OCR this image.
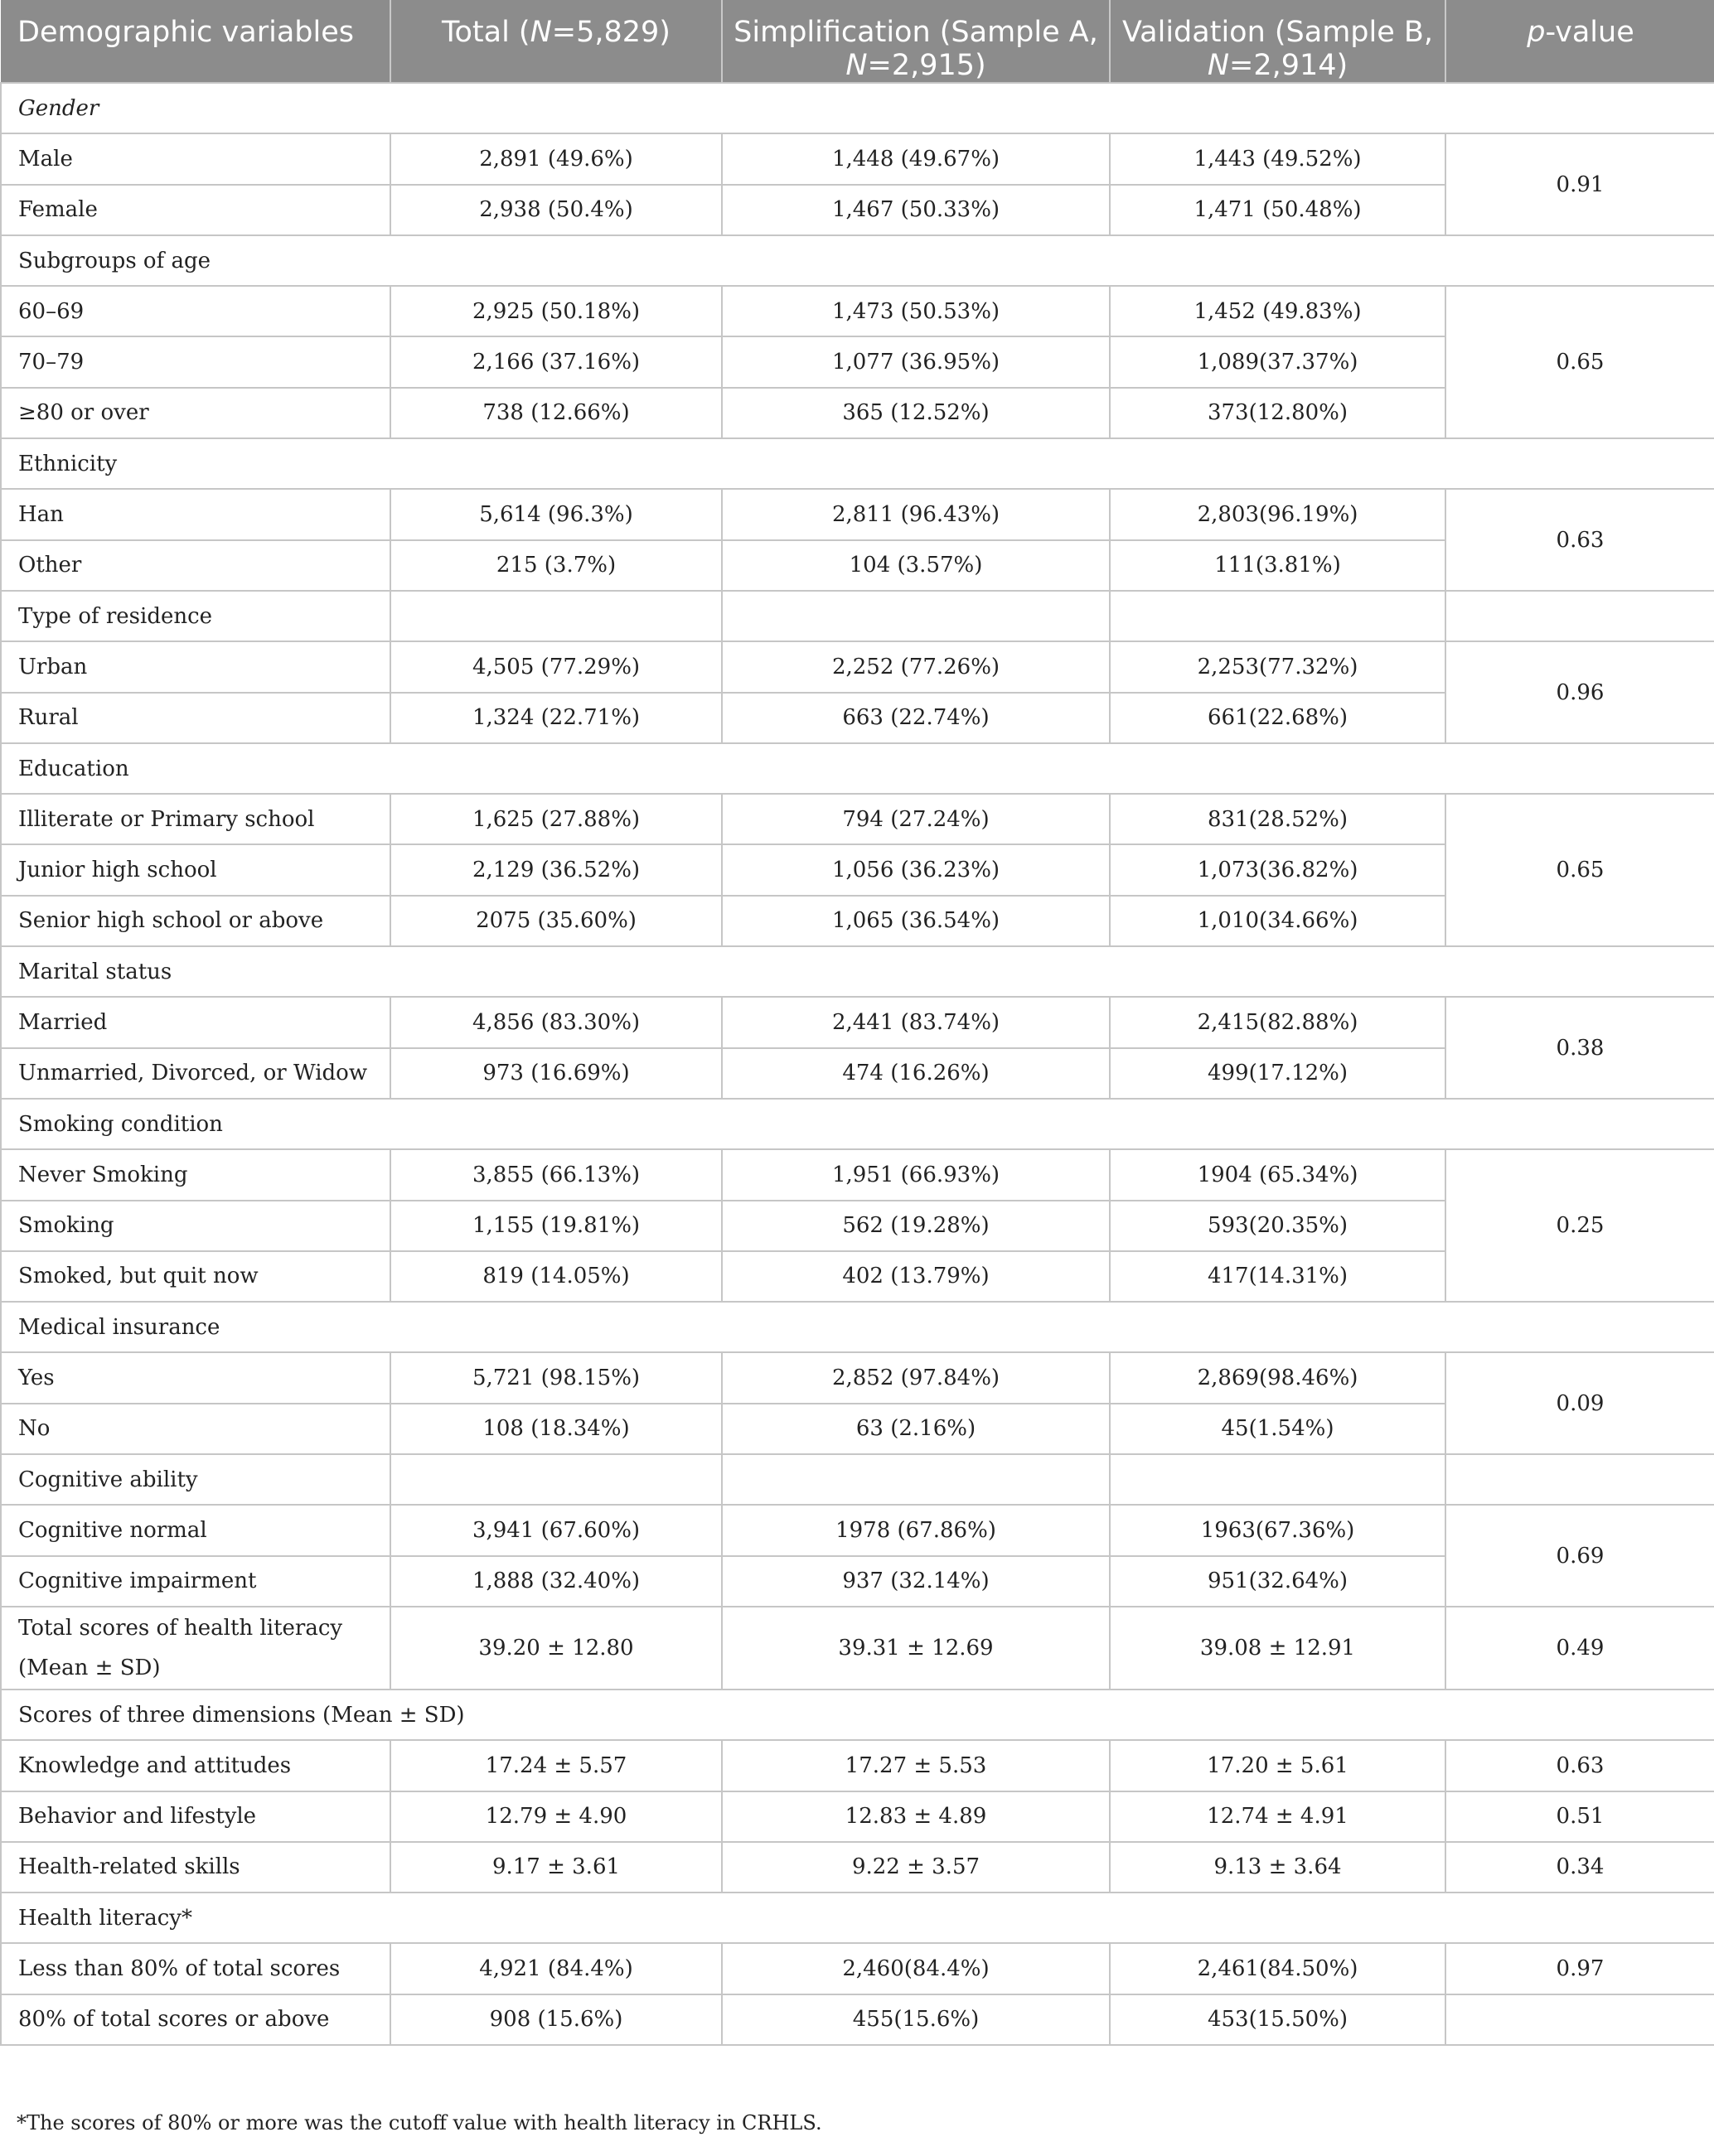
Demographic variables	Total (N=5,829)	Simplification (Sample A,
N=2,915)	Validation (Sample B,
N=2,914)	p-value
Gender				
Male	2,891 (49.6%)	1,448 (49.67%)	1,443 (49.52%)	0.91
Female	2,938 (50.4%)	1,467 (50.33%)	1,471 (50.48%)	
Subgroups of age				
60–69	2,925 (50.18%)	1,473 (50.53%)	1,452 (49.83%)	0.65
70–79	2,166 (37.16%)	1,077 (36.95%)	1,089(37.37%)	
≥80 or over	738 (12.66%)	365 (12.52%)	373(12.80%)	
Ethnicity				
Han	5,614 (96.3%)	2,811 (96.43%)	2,803(96.19%)	0.63
Other	215 (3.7%)	104 (3.57%)	111(3.81%)	
Type of residence				
Urban	4,505 (77.29%)	2,252 (77.26%)	2,253(77.32%)	0.96
Rural	1,324 (22.71%)	663 (22.74%)	661(22.68%)	
Education				
Illiterate or Primary school	1,625 (27.88%)	794 (27.24%)	831(28.52%)	0.65
Junior high school	2,129 (36.52%)	1,056 (36.23%)	1,073(36.82%)	
Senior high school or above	2075 (35.60%)	1,065 (36.54%)	1,010(34.66%)	
Marital status				
Married	4,856 (83.30%)	2,441 (83.74%)	2,415(82.88%)	0.38
Unmarried, Divorced, or Widow	973 (16.69%)	474 (16.26%)	499(17.12%)	
Smoking condition				
Never Smoking	3,855 (66.13%)	1,951 (66.93%)	1904 (65.34%)	0.25
Smoking	1,155 (19.81%)	562 (19.28%)	593(20.35%)	
Smoked, but quit now	819 (14.05%)	402 (13.79%)	417(14.31%)	
Medical insurance				
Yes	5,721 (98.15%)	2,852 (97.84%)	2,869(98.46%)	0.09
No	108 (18.34%)	63 (2.16%)	45(1.54%)	
Cognitive ability				
Cognitive normal	3,941 (67.60%)	1978 (67.86%)	1963(67.36%)	0.69
Cognitive impairment	1,888 (32.40%)	937 (32.14%)	951(32.64%)	
Total scores of health literacy
(Mean ± SD)	39.20 ± 12.80	39.31 ± 12.69	39.08 ± 12.91	0.49
Scores of three dimensions (Mean ± SD)				
Knowledge and attitudes	17.24 ± 5.57	17.27 ± 5.53	17.20 ± 5.61	0.63
Behavior and lifestyle	12.79 ± 4.90	12.83 ± 4.89	12.74 ± 4.91	0.51
Health-related skills	9.17 ± 3.61	9.22 ± 3.57	9.13 ± 3.64	0.34
Health literacy*				
Less than 80% of total scores	4,921 (84.4%)	2,460(84.4%)	2,461(84.50%)	0.97
80% of total scores or above	908 (15.6%)	455(15.6%)	453(15.50%)	
*The scores of 80% or more was the cutoff value with health literacy in CRHLS.
